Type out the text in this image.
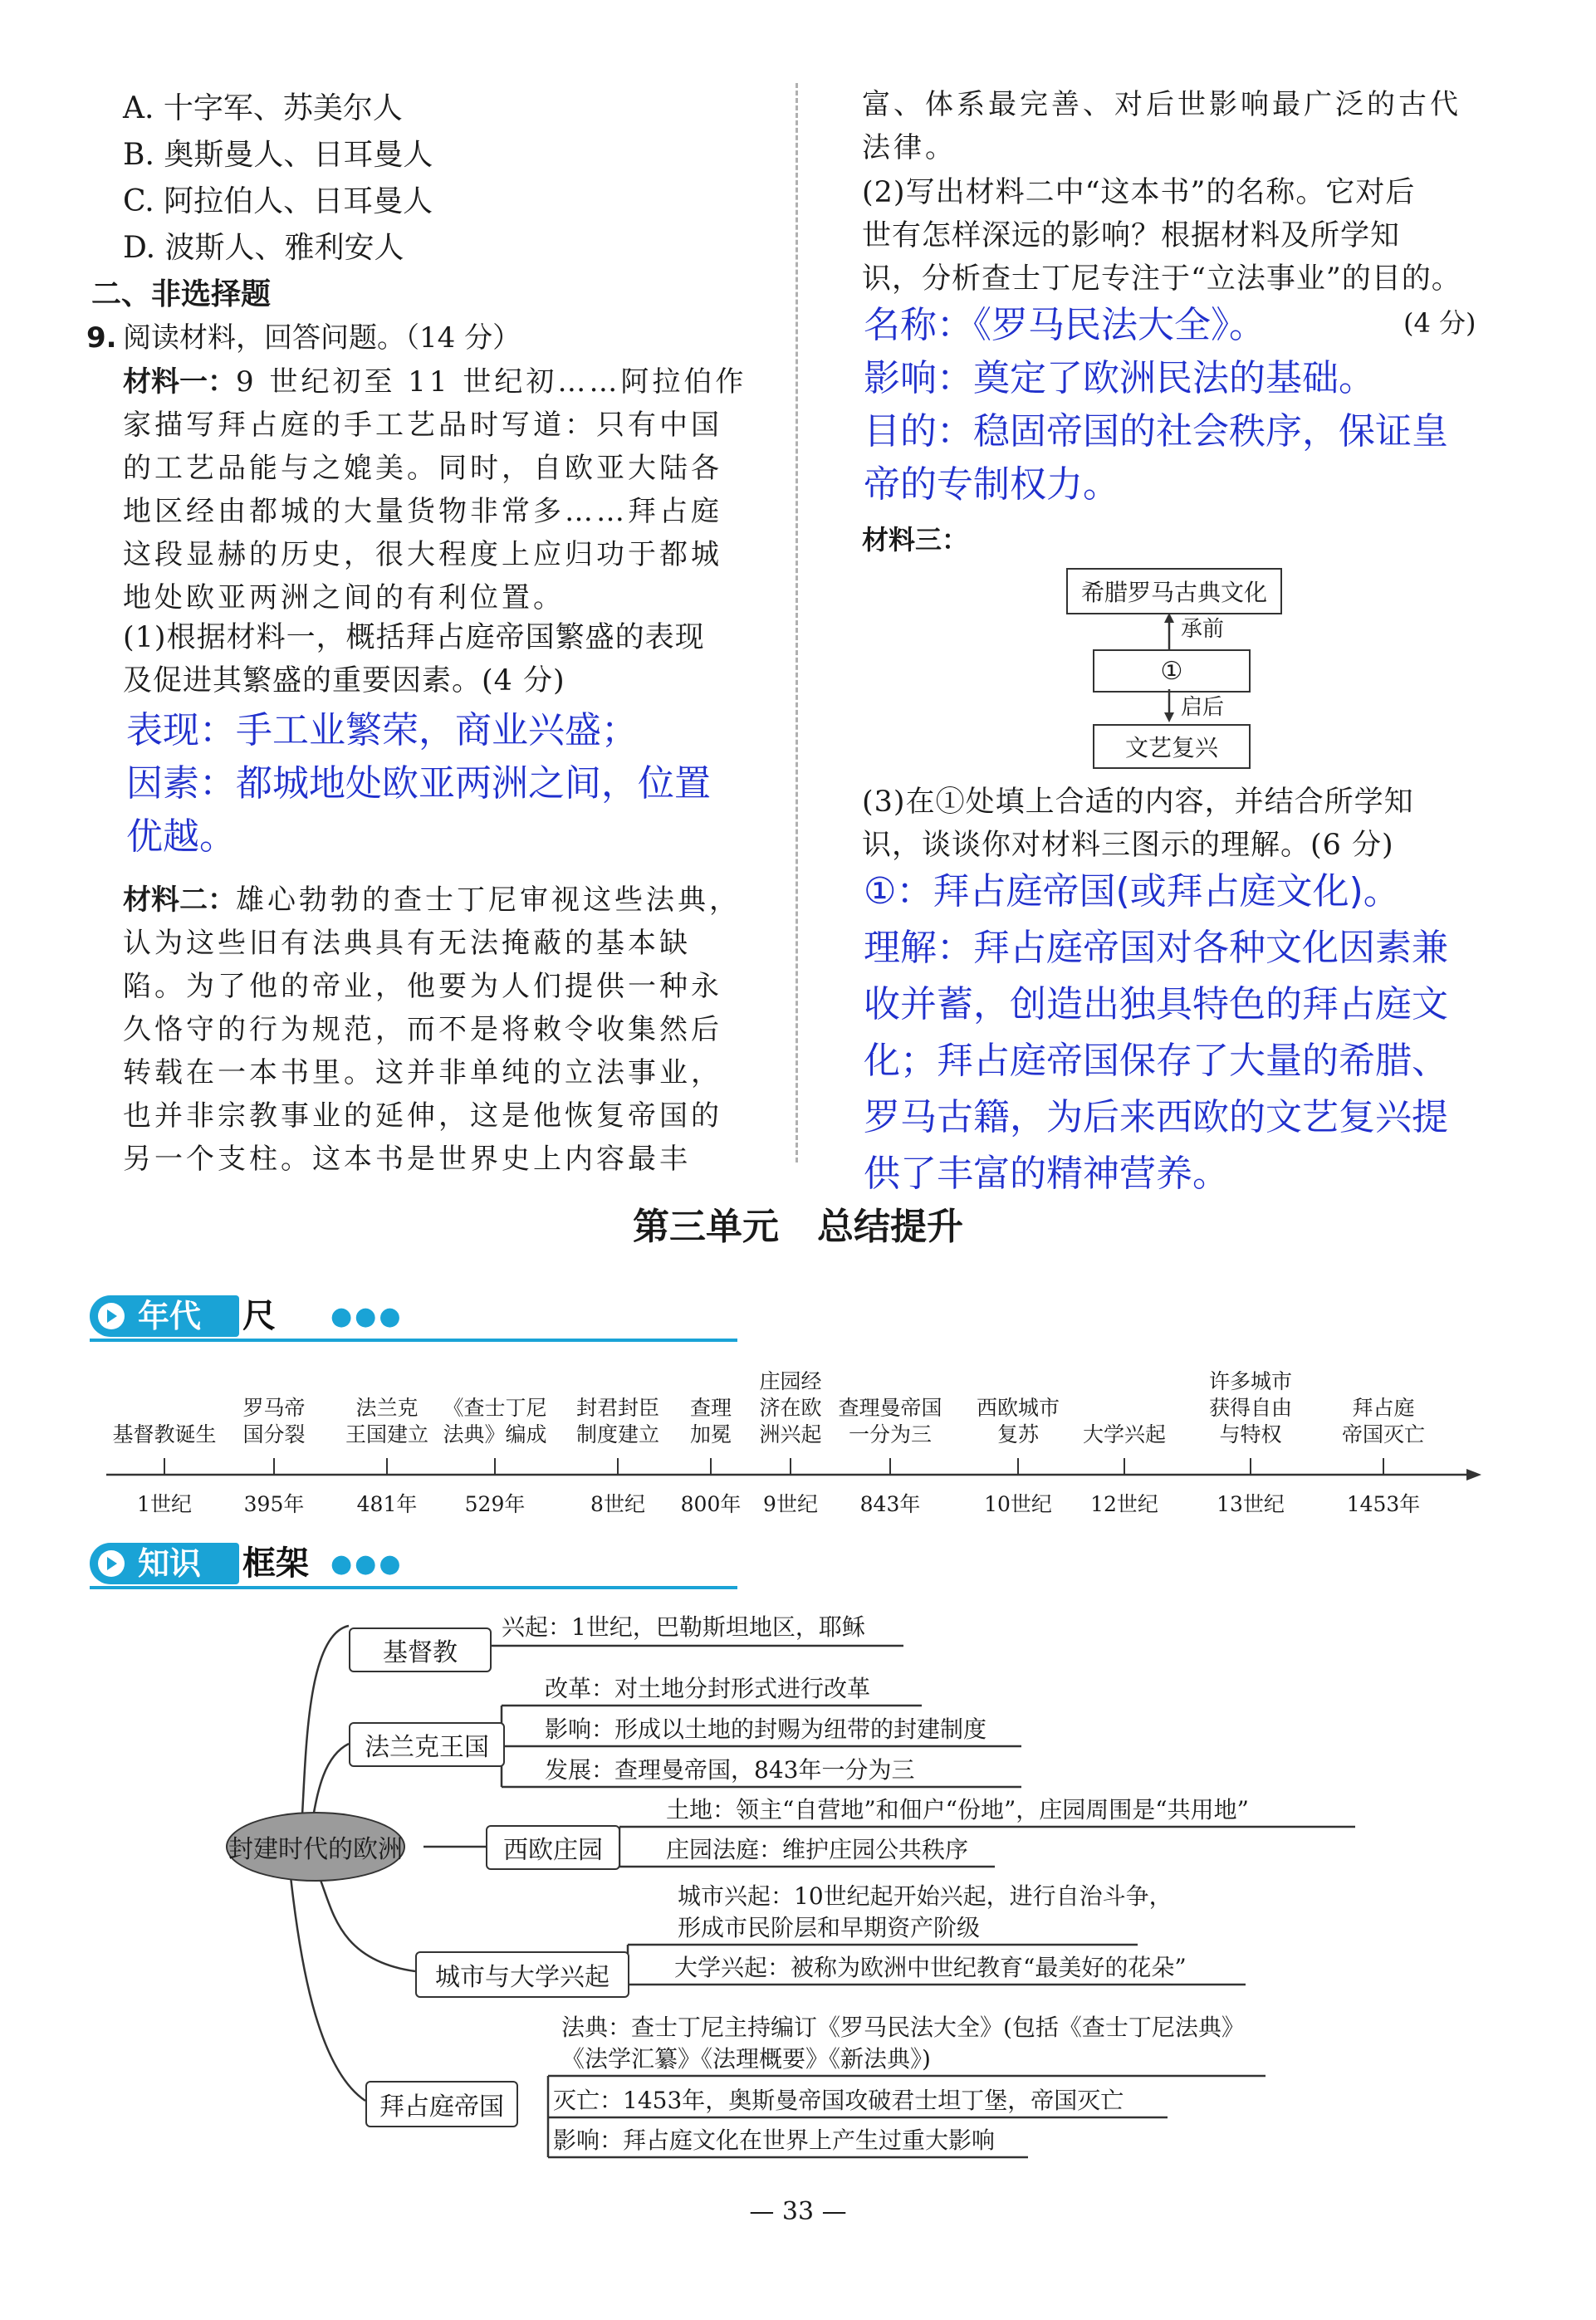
A. 十字军、苏美尔人
B. 奥斯曼人、日耳曼人
C. 阿拉伯人、日耳曼人
D. 波斯人、雅利安人
二、非选择题
9. 阅读材料，回答问题。（14 分）
材料一：9 世纪初至 11 世纪初……阿拉伯作
家描写拜占庭的手工艺品时写道：只有中国
的工艺品能与之媲美。同时，自欧亚大陆各
地区经由都城的大量货物非常多……拜占庭
这段显赫的历史，很大程度上应归功于都城
地处欧亚两洲之间的有利位置。
(1)根据材料一，概括拜占庭帝国繁盛的表现
及促进其繁盛的重要因素。(4 分)
表现：手工业繁荣，商业兴盛；
因素：都城地处欧亚两洲之间，位置
优越。
材料二：雄心勃勃的查士丁尼审视这些法典，
认为这些旧有法典具有无法掩蔽的基本缺
陷。为了他的帝业，他要为人们提供一种永
久恪守的行为规范，而不是将敕令收集然后
转载在一本书里。这并非单纯的立法事业，
也并非宗教事业的延伸，这是他恢复帝国的
另一个支柱。这本书是世界史上内容最丰
富、体系最完善、对后世影响最广泛的古代
法律。
(2)写出材料二中“这本书”的名称。它对后
世有怎样深远的影响？根据材料及所学知
识，分析查士丁尼专注于“立法事业”的目的。
名称：《罗马民法大全》。
影响：奠定了欧洲民法的基础。
目的：稳固帝国的社会秩序，保证皇
帝的专制权力。
(4 分)
材料三：
希腊罗马古典文化
①
文艺复兴
承前
启后
(3)在①处填上合适的内容，并结合所学知
识，谈谈你对材料三图示的理解。(6 分)
①：拜占庭帝国(或拜占庭文化)。
理解：拜占庭帝国对各种文化因素兼
收并蓄，创造出独具特色的拜占庭文
化；拜占庭帝国保存了大量的希腊、
罗马古籍，为后来西欧的文艺复兴提
供了丰富的精神营养。
第三单元   总结提升
年代	尺 ●●●
基督教诞生
1世纪
罗马帝
国分裂
395年
法兰克
王国建立
481年
《查士丁尼
法典》编成
529年
封君封臣
制度建立
8世纪
查理
加冕
800年
庄园经
济在欧
洲兴起
9世纪
查理曼帝国
一分为三
843年
西欧城市
复苏
10世纪
大学兴起
12世纪
许多城市
获得自由
与特权
13世纪
拜占庭
帝国灭亡
1453年
知识	框架 ●●●
封建时代的欧洲
基督教
兴起：1世纪，巴勒斯坦地区，耶稣
法兰克王国
改革：对土地分封形式进行改革
影响：形成以土地的封赐为纽带的封建制度
发展：查理曼帝国，843年一分为三
西欧庄园
土地：领主“自营地”和佃户“份地”，庄园周围是“共用地”
庄园法庭：维护庄园公共秩序
城市与大学兴起
城市兴起：10世纪起开始兴起，进行自治斗争，
形成市民阶层和早期资产阶级
大学兴起：被称为欧洲中世纪教育“最美好的花朵”
拜占庭帝国
法典：查士丁尼主持编订《罗马民法大全》(包括《查士丁尼法典》
《法学汇纂》《法理概要》《新法典》)
灭亡：1453年，奥斯曼帝国攻破君士坦丁堡，帝国灭亡
影响：拜占庭文化在世界上产生过重大影响
— 33 —
